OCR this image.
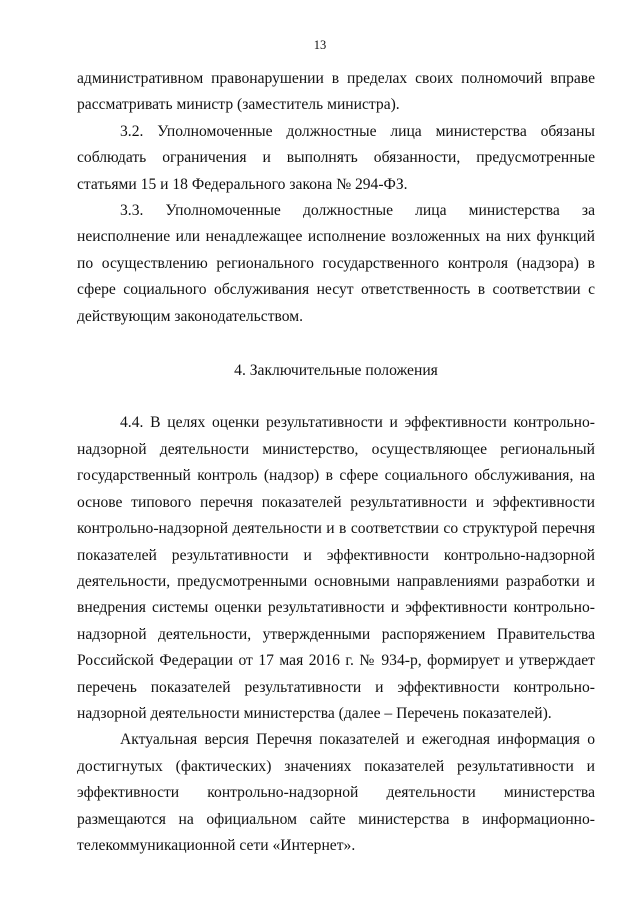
13

административном правонарушении в пределах своих полномочий вправе рассматривать министр (заместитель министра).

3.2. Уполномоченные должностные лица министерства обязаны соблюдать ограничения и выполнять обязанности, предусмотренные статьями 15 и 18 Федерального закона № 294-ФЗ.

3.3. Уполномоченные должностные лица министерства за неисполнение или ненадлежащее исполнение возложенных на них функций по осуществлению регионального государственного контроля (надзора) в сфере социального обслуживания несут ответственность в соответствии с действующим законодательством.

4. Заключительные положения

4.4. В целях оценки результативности и эффективности контрольно-надзорной деятельности министерство, осуществляющее региональный государственный контроль (надзор) в сфере социального обслуживания, на основе типового перечня показателей результативности и эффективности контрольно-надзорной деятельности и в соответствии со структурой перечня показателей результативности и эффективности контрольно-надзорной деятельности, предусмотренными основными направлениями разработки и внедрения системы оценки результативности и эффективности контрольно-надзорной деятельности, утвержденными распоряжением Правительства Российской Федерации от 17 мая 2016 г. № 934-р, формирует и утверждает перечень показателей результативности и эффективности контрольно-надзорной деятельности министерства (далее – Перечень показателей).

Актуальная версия Перечня показателей и ежегодная информация о достигнутых (фактических) значениях показателей результативности и эффективности контрольно-надзорной деятельности министерства размещаются на официальном сайте министерства в информационно-телекоммуникационной сети «Интернет».
